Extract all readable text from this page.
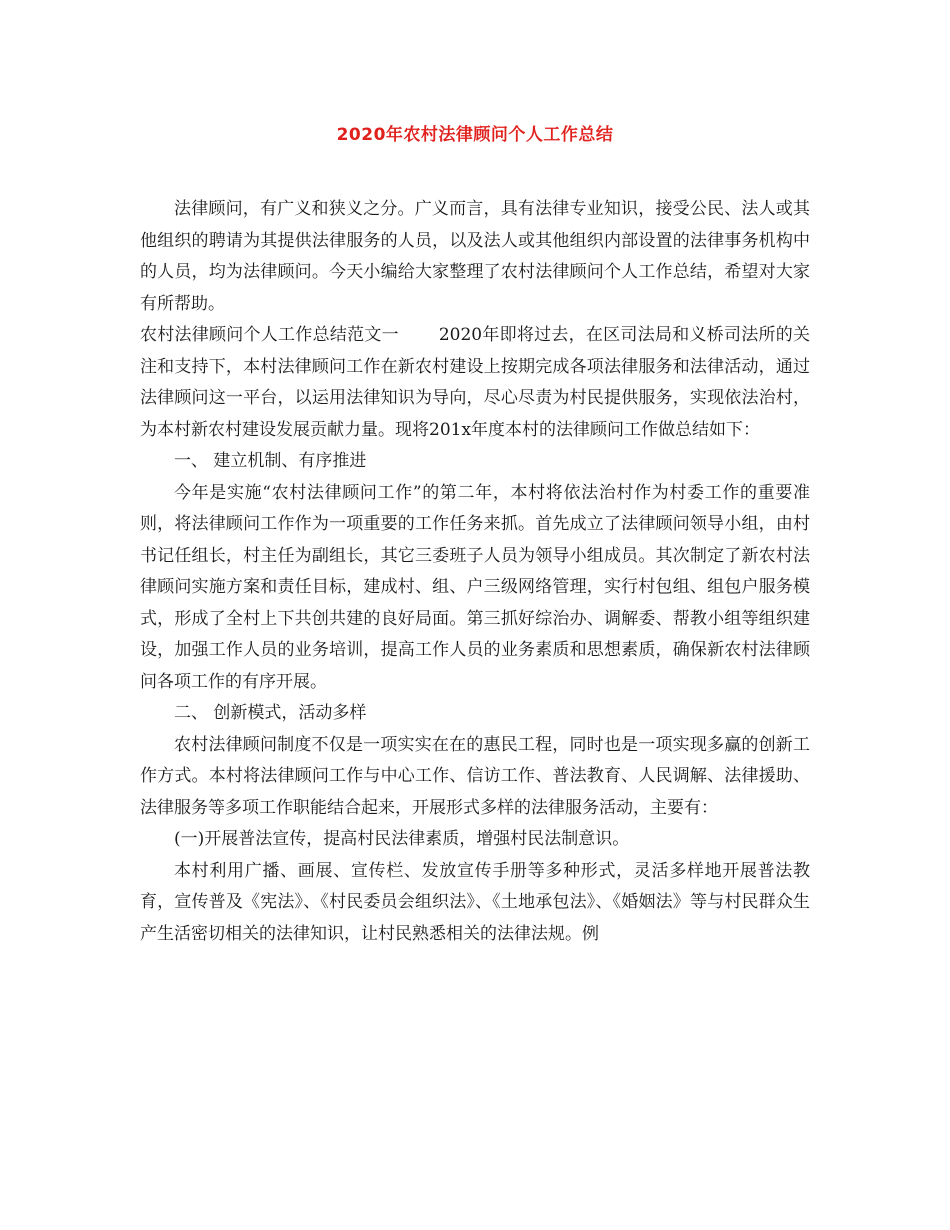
2020年农村法律顾问个人工作总结

法律顾问，有广义和狭义之分。广义而言，具有法律专业知识，接受公民、法人或其他组织的聘请为其提供法律服务的人员，以及法人或其他组织内部设置的法律事务机构中的人员，均为法律顾问。今天小编给大家整理了农村法律顾问个人工作总结，希望对大家有所帮助。

农村法律顾问个人工作总结范文一 2020年即将过去，在区司法局和义桥司法所的关注和支持下，本村法律顾问工作在新农村建设上按期完成各项法律服务和法律活动，通过法律顾问这一平台，以运用法律知识为导向，尽心尽责为村民提供服务，实现依法治村，为本村新农村建设发展贡献力量。现将201x年度本村的法律顾问工作做总结如下：

一、 建立机制、有序推进

今年是实施“农村法律顾问工作”的第二年，本村将依法治村作为村委工作的重要准则，将法律顾问工作作为一项重要的工作任务来抓。首先成立了法律顾问领导小组，由村书记任组长，村主任为副组长，其它三委班子人员为领导小组成员。其次制定了新农村法律顾问实施方案和责任目标，建成村、组、户三级网络管理，实行村包组、组包户服务模式，形成了全村上下共创共建的良好局面。第三抓好综治办、调解委、帮教小组等组织建设，加强工作人员的业务培训，提高工作人员的业务素质和思想素质，确保新农村法律顾问各项工作的有序开展。

二、 创新模式，活动多样

农村法律顾问制度不仅是一项实实在在的惠民工程，同时也是一项实现多赢的创新工作方式。本村将法律顾问工作与中心工作、信访工作、普法教育、人民调解、法律援助、法律服务等多项工作职能结合起来，开展形式多样的法律服务活动，主要有：

(一)开展普法宣传，提高村民法律素质，增强村民法制意识。

本村利用广播、画展、宣传栏、发放宣传手册等多种形式，灵活多样地开展普法教育，宣传普及《宪法》、《村民委员会组织法》、《土地承包法》、《婚姻法》等与村民群众生产生活密切相关的法律知识，让村民熟悉相关的法律法规。例
